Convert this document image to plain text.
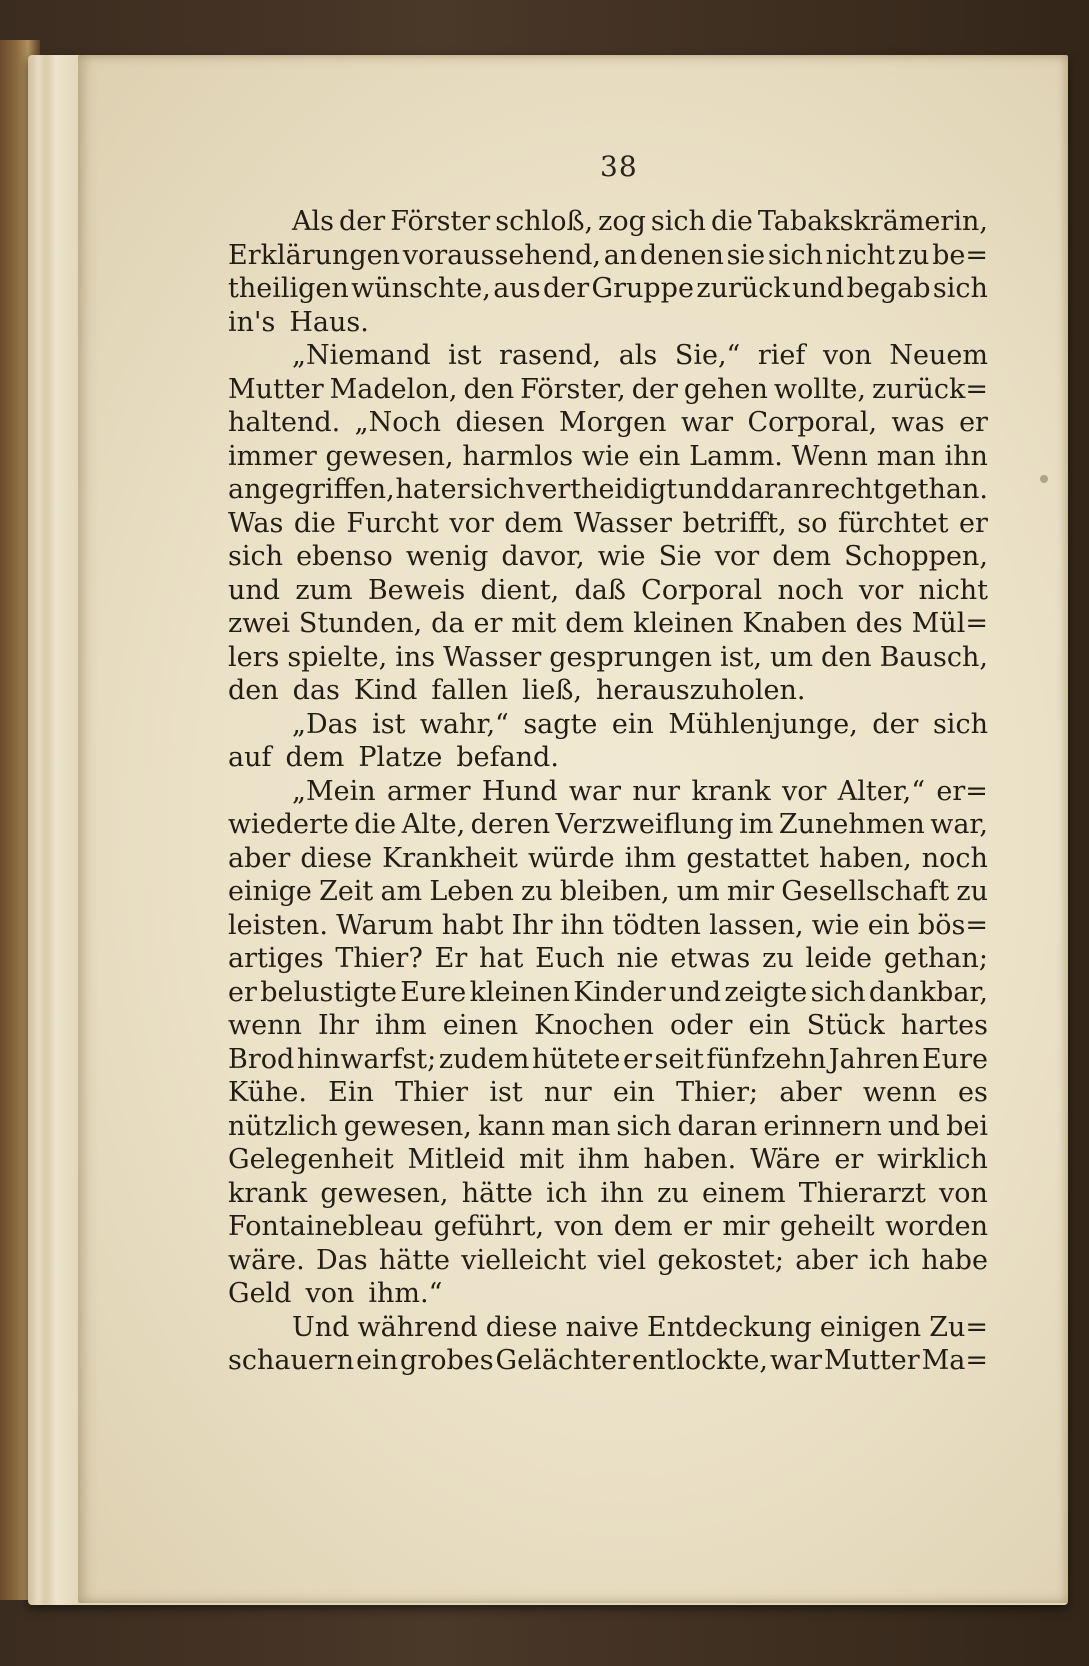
38
Als der Förster schloß, zog sich die Tabakskrämerin,
Erklärungen voraussehend, an denen sie sich nicht zu be=
theiligen wünschte, aus der Gruppe zurück und begab sich
in's Haus.
„Niemand ist rasend, als Sie,“ rief von Neuem
Mutter Madelon, den Förster, der gehen wollte, zurück=
haltend. „Noch diesen Morgen war Corporal, was er
immer gewesen, harmlos wie ein Lamm. Wenn man ihn
angegriffen, hat er sich vertheidigt und daran recht gethan.
Was die Furcht vor dem Wasser betrifft, so fürchtet er
sich ebenso wenig davor, wie Sie vor dem Schoppen,
und zum Beweis dient, daß Corporal noch vor nicht
zwei Stunden, da er mit dem kleinen Knaben des Mül=
lers spielte, ins Wasser gesprungen ist, um den Bausch,
den das Kind fallen ließ, herauszuholen.
„Das ist wahr,“ sagte ein Mühlenjunge, der sich
auf dem Platze befand.
„Mein armer Hund war nur krank vor Alter,“ er=
wiederte die Alte, deren Verzweiflung im Zunehmen war,
aber diese Krankheit würde ihm gestattet haben, noch
einige Zeit am Leben zu bleiben, um mir Gesellschaft zu
leisten. Warum habt Ihr ihn tödten lassen, wie ein bös=
artiges Thier? Er hat Euch nie etwas zu leide gethan;
er belustigte Eure kleinen Kinder und zeigte sich dankbar,
wenn Ihr ihm einen Knochen oder ein Stück hartes
Brod hinwarfst; zudem hütete er seit fünfzehn Jahren Eure
Kühe. Ein Thier ist nur ein Thier; aber wenn es
nützlich gewesen, kann man sich daran erinnern und bei
Gelegenheit Mitleid mit ihm haben. Wäre er wirklich
krank gewesen, hätte ich ihn zu einem Thierarzt von
Fontainebleau geführt, von dem er mir geheilt worden
wäre. Das hätte vielleicht viel gekostet; aber ich habe
Geld von ihm.“
Und während diese naive Entdeckung einigen Zu=
schauern ein grobes Gelächter entlockte, war Mutter Ma=
